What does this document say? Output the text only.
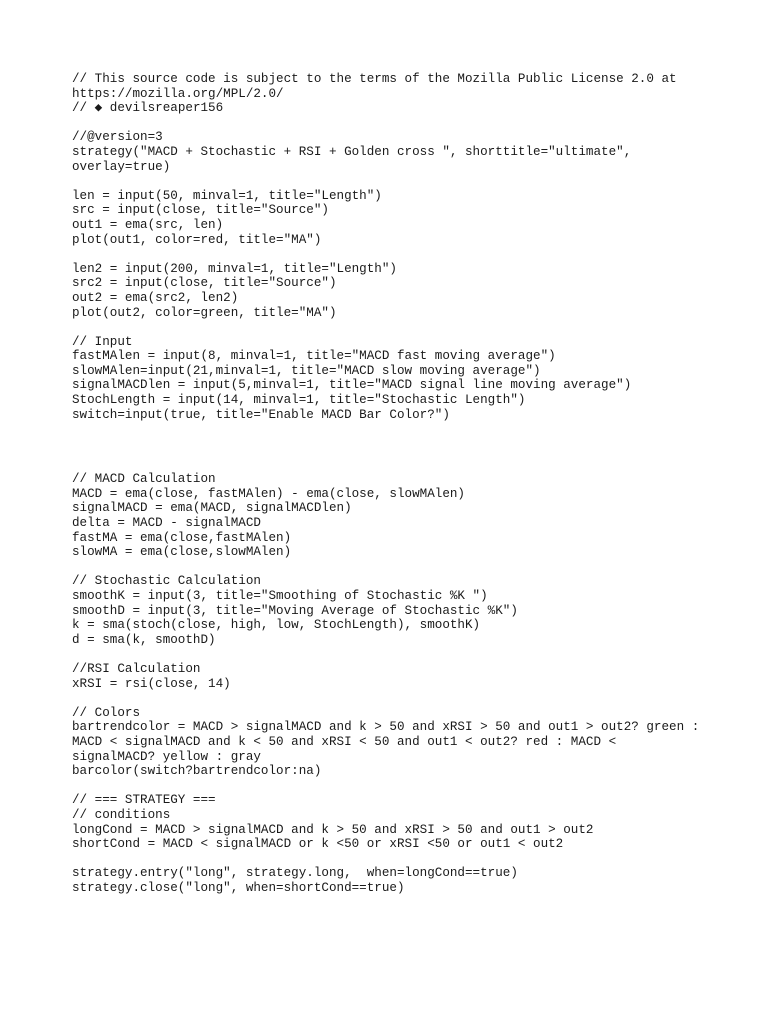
// This source code is subject to the terms of the Mozilla Public License 2.0 at
https://mozilla.org/MPL/2.0/
// ◆ devilsreaper156
//@version=3
strategy("MACD + Stochastic + RSI + Golden cross ", shorttitle="ultimate",
overlay=true)
len = input(50, minval=1, title="Length")
src = input(close, title="Source")
out1 = ema(src, len)
plot(out1, color=red, title="MA")
len2 = input(200, minval=1, title="Length")
src2 = input(close, title="Source")
out2 = ema(src2, len2)
plot(out2, color=green, title="MA")
// Input
fastMAlen = input(8, minval=1, title="MACD fast moving average")
slowMAlen=input(21,minval=1, title="MACD slow moving average")
signalMACDlen = input(5,minval=1, title="MACD signal line moving average")
StochLength = input(14, minval=1, title="Stochastic Length")
switch=input(true, title="Enable MACD Bar Color?")
// MACD Calculation
MACD = ema(close, fastMAlen) - ema(close, slowMAlen)
signalMACD = ema(MACD, signalMACDlen)
delta = MACD - signalMACD
fastMA = ema(close,fastMAlen)
slowMA = ema(close,slowMAlen)
// Stochastic Calculation
smoothK = input(3, title="Smoothing of Stochastic %K ")
smoothD = input(3, title="Moving Average of Stochastic %K")
k = sma(stoch(close, high, low, StochLength), smoothK)
d = sma(k, smoothD)
//RSI Calculation
xRSI = rsi(close, 14)
// Colors
bartrendcolor = MACD > signalMACD and k > 50 and xRSI > 50 and out1 > out2? green :
MACD < signalMACD and k < 50 and xRSI < 50 and out1 < out2? red : MACD <
signalMACD? yellow : gray
barcolor(switch?bartrendcolor:na)
// === STRATEGY ===
// conditions
longCond = MACD > signalMACD and k > 50 and xRSI > 50 and out1 > out2
shortCond = MACD < signalMACD or k <50 or xRSI <50 or out1 < out2
strategy.entry("long", strategy.long,  when=longCond==true)
strategy.close("long", when=shortCond==true)
